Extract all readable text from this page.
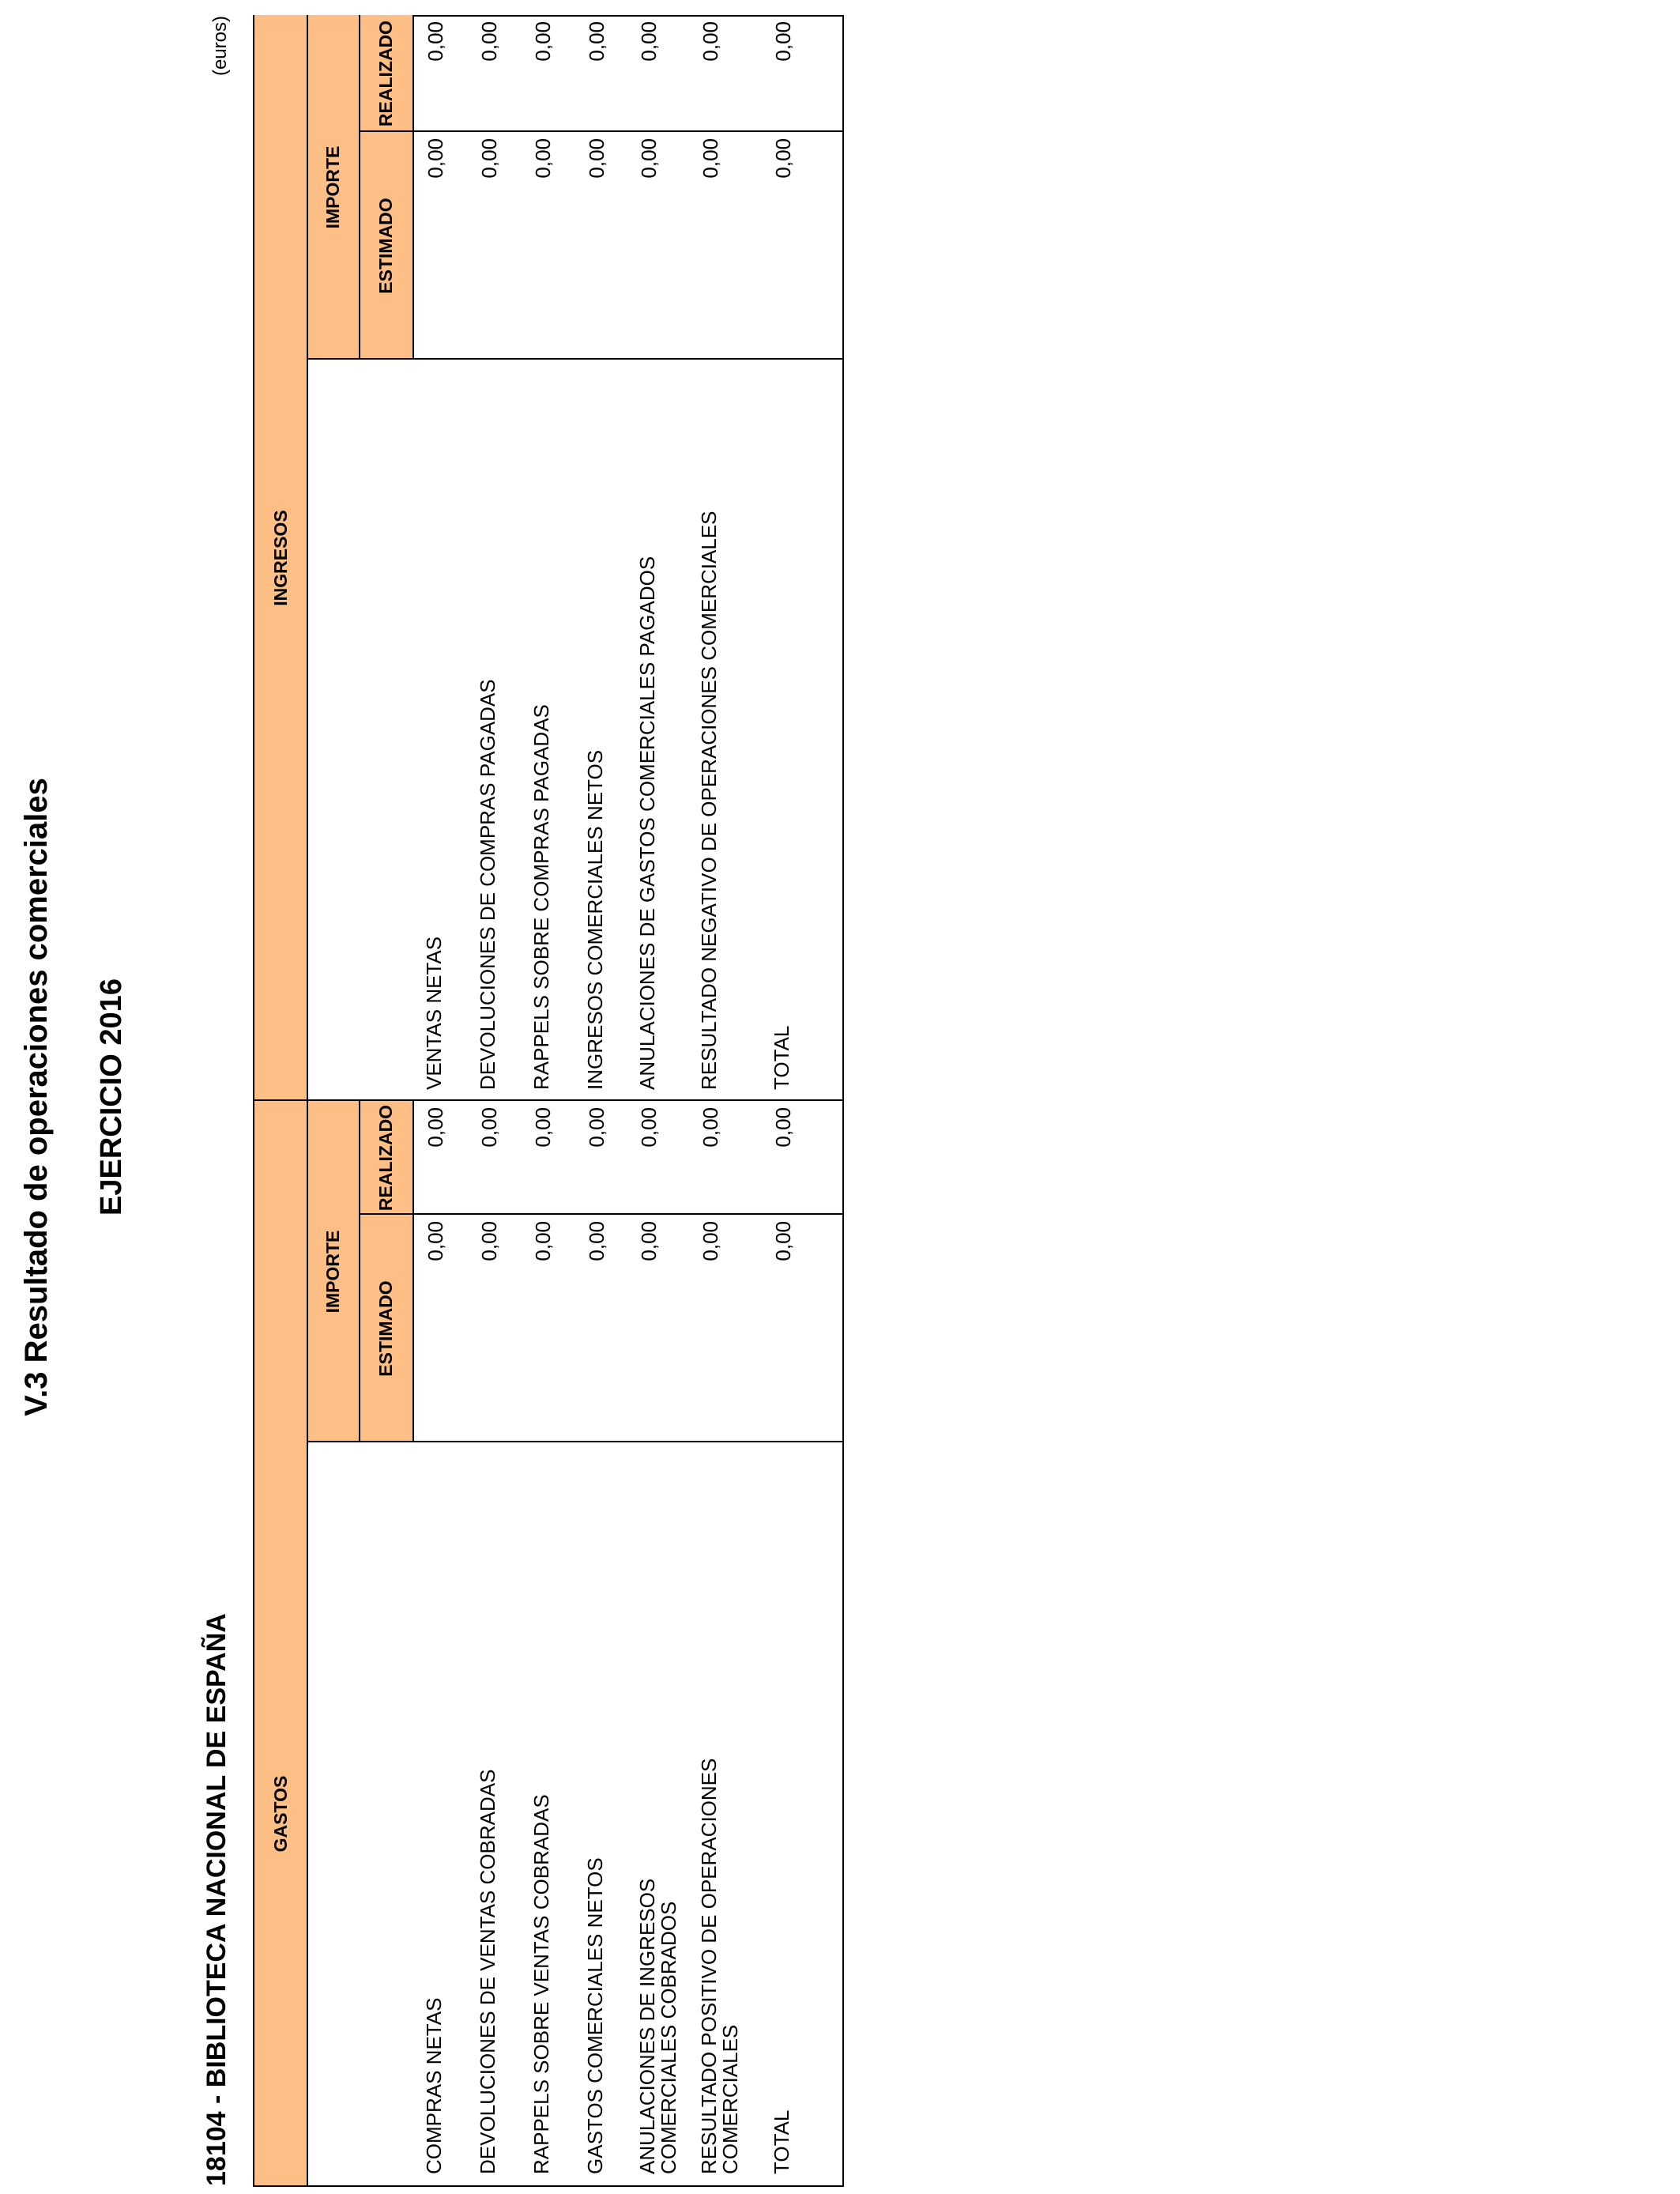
V.3 Resultado de operaciones comerciales EJERCICIO 2016
18104 - BIBLIOTECA NACIONAL DE ESPAÑA
(euros)
GASTOS
IMPORTE
ESTIMADO
REALIZADO
INGRESOS
IMPORTE
ESTIMADO
REALIZADO
COMPRAS NETAS
0,00
0,00
DEVOLUCIONES DE VENTAS COBRADAS
0,00
0,00
RAPPELS SOBRE VENTAS COBRADAS
0,00
0,00
GASTOS COMERCIALES NETOS
0,00
0,00
ANULACIONES DE INGRESOS COMERCIALES COBRADOS
0,00
0,00
RESULTADO POSITIVO DE OPERACIONES COMERCIALES
0,00
0,00
TOTAL
0,00
0,00
VENTAS NETAS
0,00
0,00
DEVOLUCIONES DE COMPRAS PAGADAS
0,00
0,00
RAPPELS SOBRE COMPRAS PAGADAS
0,00
0,00
INGRESOS COMERCIALES NETOS
0,00
0,00
ANULACIONES DE GASTOS COMERCIALES PAGADOS
0,00
0,00
RESULTADO NEGATIVO DE OPERACIONES COMERCIALES
0,00
0,00
TOTAL
0,00
0,00
